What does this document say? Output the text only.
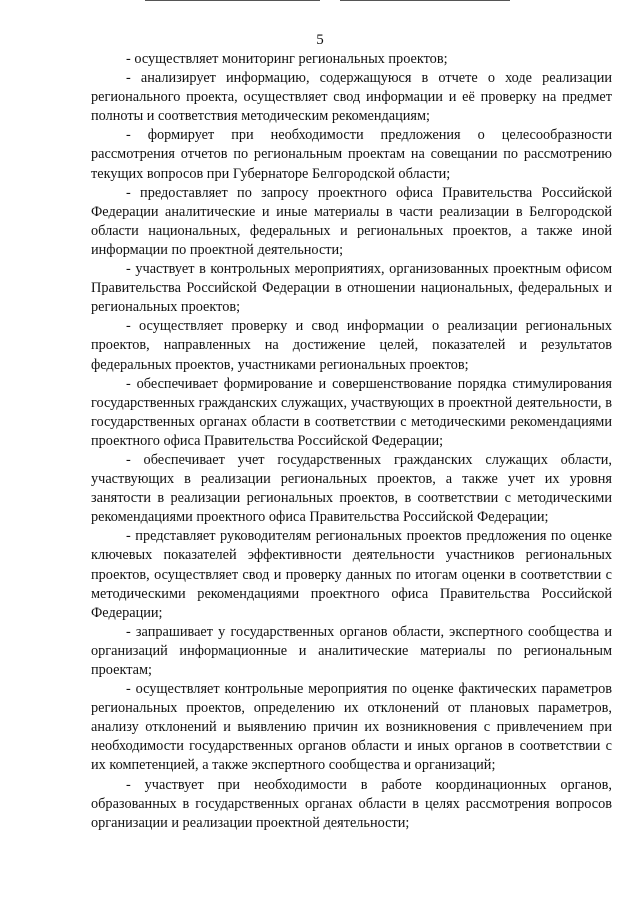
5

- осуществляет мониторинг региональных проектов;

- анализирует информацию, содержащуюся в отчете о ходе реализации регионального проекта, осуществляет свод информации и её проверку на предмет полноты и соответствия методическим рекомендациям;

- формирует при необходимости предложения о целесообразности рассмотрения отчетов по региональным проектам на совещании по рассмотрению текущих вопросов при Губернаторе Белгородской области;

- предоставляет по запросу проектного офиса Правительства Российской Федерации аналитические и иные материалы в части реализации в Белгородской области национальных, федеральных и региональных проектов, а также иной информации по проектной деятельности;

- участвует в контрольных мероприятиях, организованных проектным офисом Правительства Российской Федерации в отношении национальных, федеральных и региональных проектов;

- осуществляет проверку и свод информации о реализации региональных проектов, направленных на достижение целей, показателей и результатов федеральных проектов, участниками региональных проектов;

- обеспечивает формирование и совершенствование порядка стимулирования государственных гражданских служащих, участвующих в проектной деятельности, в государственных органах области в соответствии с методическими рекомендациями проектного офиса Правительства Российской Федерации;

- обеспечивает учет государственных гражданских служащих области, участвующих в реализации региональных проектов, а также учет их уровня занятости в реализации региональных проектов, в соответствии с методическими рекомендациями проектного офиса Правительства Российской Федерации;

- представляет руководителям региональных проектов предложения по оценке ключевых показателей эффективности деятельности участников региональных проектов, осуществляет свод и проверку данных по итогам оценки в соответствии с методическими рекомендациями проектного офиса Правительства Российской Федерации;

- запрашивает у государственных органов области, экспертного сообщества и организаций информационные и аналитические материалы по региональным проектам;

- осуществляет контрольные мероприятия по оценке фактических параметров региональных проектов, определению их отклонений от плановых параметров, анализу отклонений и выявлению причин их возникновения с привлечением при необходимости государственных органов области и иных органов в соответствии с их компетенцией, а также экспертного сообщества и организаций;

- участвует при необходимости в работе координационных органов, образованных в государственных органах области в целях рассмотрения вопросов организации и реализации проектной деятельности;
